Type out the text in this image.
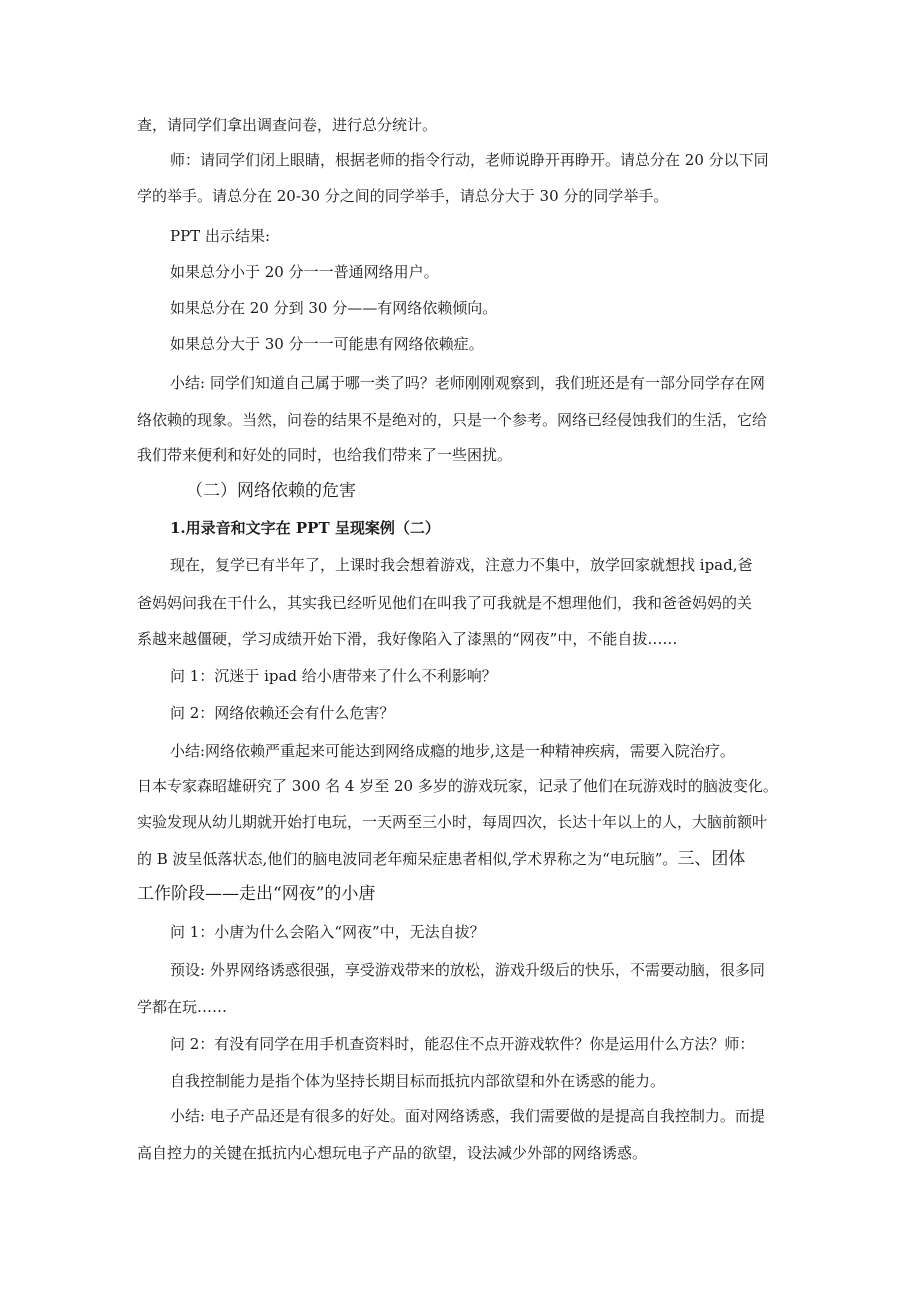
查，请同学们拿出调查问卷，进行总分统计。

师：请同学们闭上眼睛，根据老师的指令行动，老师说睁开再睁开。请总分在 20 分以下同

学的举手。请总分在 20-30 分之间的同学举手，请总分大于 30 分的同学举手。

PPT 出示结果:

如果总分小于 20 分一一普通网络用户。

如果总分在 20 分到 30 分——有网络依赖倾向。

如果总分大于 30 分一一可能患有网络依赖症。

小结: 同学们知道自己属于哪一类了吗？老师刚刚观察到，我们班还是有一部分同学存在网

络依赖的现象。当然，问卷的结果不是绝对的，只是一个参考。网络已经侵蚀我们的生活，它给

我们带来便利和好处的同时，也给我们带来了一些困扰。

（二）网络依赖的危害

1.用录音和文字在 PPT 呈现案例（二）

现在，复学已有半年了，上课时我会想着游戏，注意力不集中，放学回家就想找 ipad,爸

爸妈妈问我在干什么，其实我已经听见他们在叫我了可我就是不想理他们，我和爸爸妈妈的关

系越来越僵硬，学习成绩开始下滑，我好像陷入了漆黑的“网夜”中，不能自拔……

问 1：沉迷于 ipad 给小唐带来了什么不利影响？

问 2：网络依赖还会有什么危害？

小结:网络依赖严重起来可能达到网络成瘾的地步,这是一种精神疾病，需要入院治疗。

日本专家森昭雄研究了 300 名 4 岁至 20 多岁的游戏玩家，记录了他们在玩游戏时的脑波变化。

实验发现从幼儿期就开始打电玩，一天两至三小时，每周四次，长达十年以上的人，大脑前额叶

的 B 波呈低落状态,他们的脑电波同老年痴呆症患者相似,学术界称之为“电玩脑”。三、团体

工作阶段——走出“网夜”的小唐

问 1：小唐为什么会陷入“网夜”中，无法自拔？

预设: 外界网络诱惑很强，享受游戏带来的放松，游戏升级后的快乐，不需要动脑，很多同

学都在玩……

问 2：有没有同学在用手机查资料时，能忍住不点开游戏软件？你是运用什么方法？师：

自我控制能力是指个体为坚持长期目标而抵抗内部欲望和外在诱惑的能力。

小结: 电子产品还是有很多的好处。面对网络诱惑，我们需要做的是提高自我控制力。而提

高自控力的关键在抵抗内心想玩电子产品的欲望，设法减少外部的网络诱惑。
